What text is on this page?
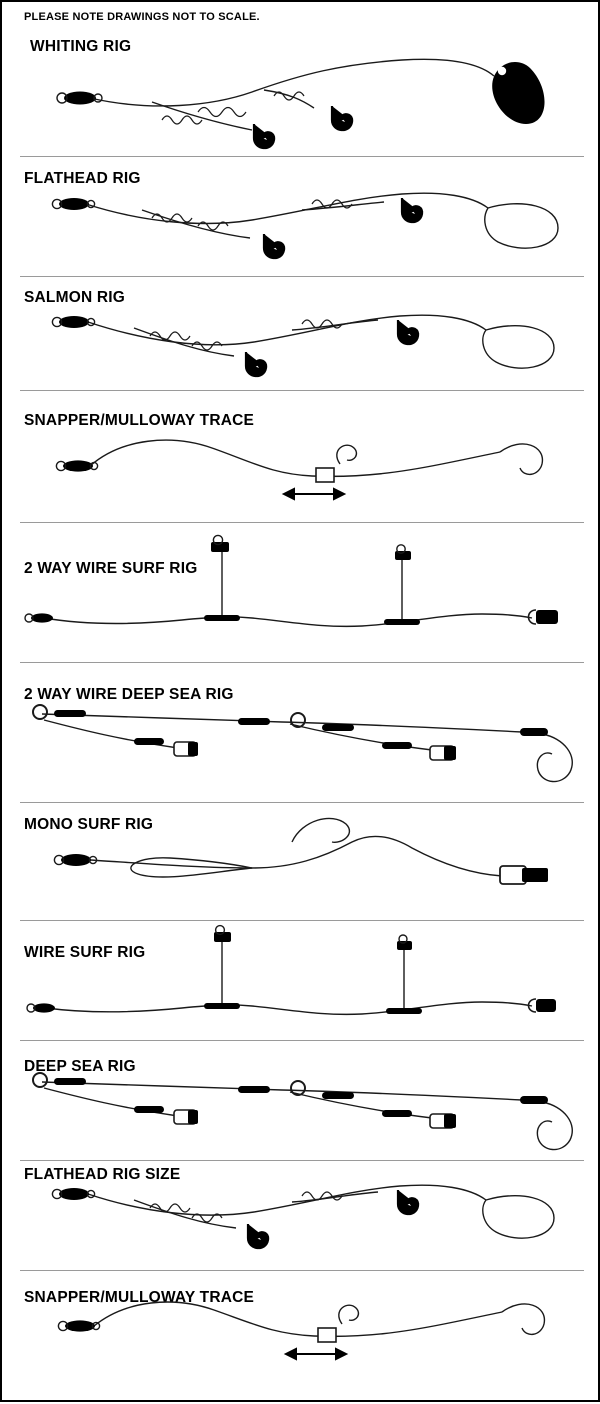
PLEASE NOTE DRAWINGS NOT TO SCALE.
WHITING RIG
FLATHEAD RIG
SALMON RIG
SNAPPER/MULLOWAY TRACE
2 WAY WIRE SURF RIG
2 WAY WIRE DEEP SEA RIG
MONO SURF RIG
WIRE SURF RIG
DEEP SEA RIG
FLATHEAD RIG SIZE
SNAPPER/MULLOWAY TRACE
